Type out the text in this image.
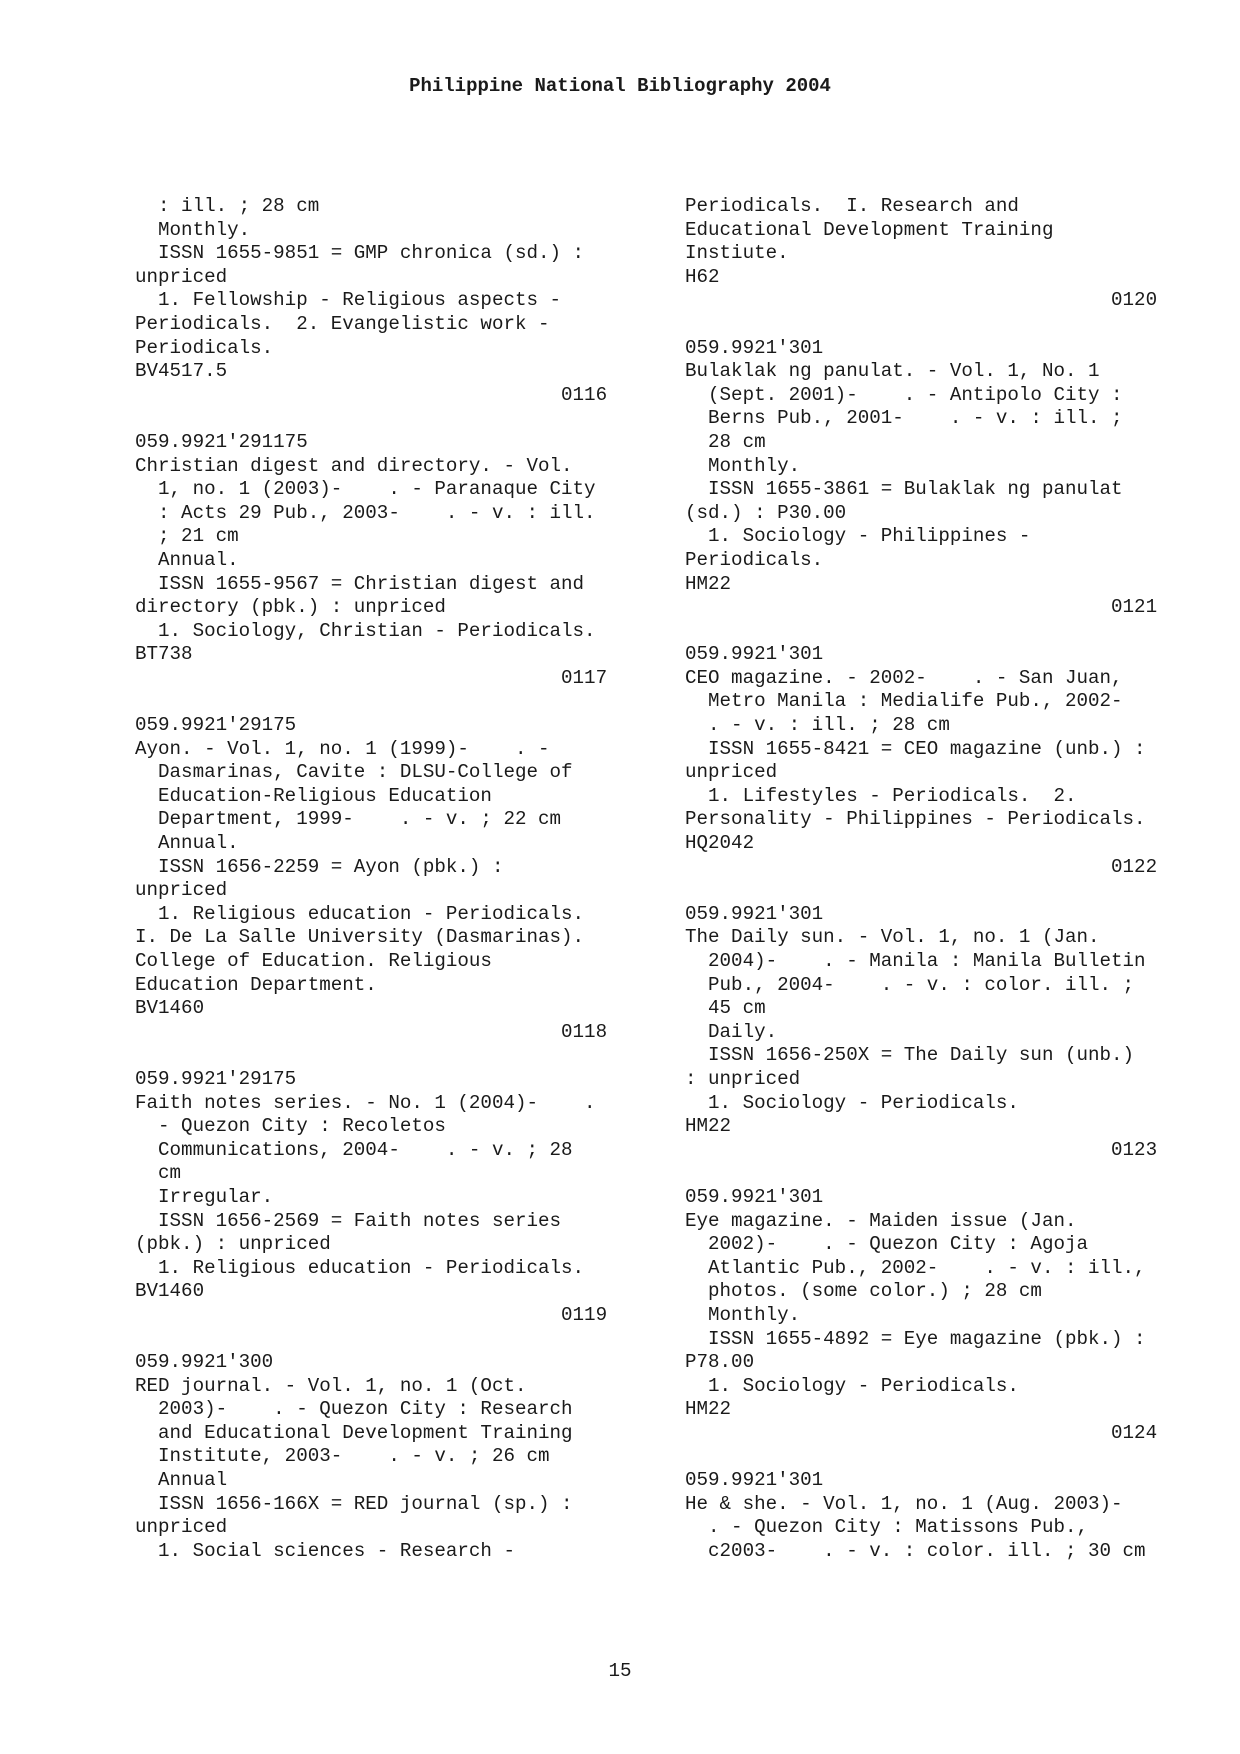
Philippine National Bibliography 2004
: ill. ; 28 cm
Monthly.
ISSN 1655-9851 = GMP chronica (sd.) :
unpriced
1. Fellowship - Religious aspects -
Periodicals.  2. Evangelistic work -
Periodicals.
BV4517.5
0116
059.9921'291175
Christian digest and directory. - Vol.
1, no. 1 (2003)-    . - Paranaque City
: Acts 29 Pub., 2003-    . - v. : ill.
; 21 cm
Annual.
ISSN 1655-9567 = Christian digest and
directory (pbk.) : unpriced
1. Sociology, Christian - Periodicals.
BT738
0117
059.9921'29175
Ayon. - Vol. 1, no. 1 (1999)-    . -
Dasmarinas, Cavite : DLSU-College of
Education-Religious Education
Department, 1999-    . - v. ; 22 cm
Annual.
ISSN 1656-2259 = Ayon (pbk.) :
unpriced
1. Religious education - Periodicals.
I. De La Salle University (Dasmarinas).
College of Education. Religious
Education Department.
BV1460
0118
059.9921'29175
Faith notes series. - No. 1 (2004)-    .
- Quezon City : Recoletos
Communications, 2004-    . - v. ; 28
cm
Irregular.
ISSN 1656-2569 = Faith notes series
(pbk.) : unpriced
1. Religious education - Periodicals.
BV1460
0119
059.9921'300
RED journal. - Vol. 1, no. 1 (Oct.
2003)-    . - Quezon City : Research
and Educational Development Training
Institute, 2003-    . - v. ; 26 cm
Annual
ISSN 1656-166X = RED journal (sp.) :
unpriced
1. Social sciences - Research -
Periodicals.  I. Research and
Educational Development Training
Instiute.
H62
0120
059.9921'301
Bulaklak ng panulat. - Vol. 1, No. 1
(Sept. 2001)-    . - Antipolo City :
Berns Pub., 2001-    . - v. : ill. ;
28 cm
Monthly.
ISSN 1655-3861 = Bulaklak ng panulat
(sd.) : P30.00
1. Sociology - Philippines -
Periodicals.
HM22
0121
059.9921'301
CEO magazine. - 2002-    . - San Juan,
Metro Manila : Medialife Pub., 2002-
. - v. : ill. ; 28 cm
ISSN 1655-8421 = CEO magazine (unb.) :
unpriced
1. Lifestyles - Periodicals.  2.
Personality - Philippines - Periodicals.
HQ2042
0122
059.9921'301
The Daily sun. - Vol. 1, no. 1 (Jan.
2004)-    . - Manila : Manila Bulletin
Pub., 2004-    . - v. : color. ill. ;
45 cm
Daily.
ISSN 1656-250X = The Daily sun (unb.)
: unpriced
1. Sociology - Periodicals.
HM22
0123
059.9921'301
Eye magazine. - Maiden issue (Jan.
2002)-    . - Quezon City : Agoja
Atlantic Pub., 2002-    . - v. : ill.,
photos. (some color.) ; 28 cm
Monthly.
ISSN 1655-4892 = Eye magazine (pbk.) :
P78.00
1. Sociology - Periodicals.
HM22
0124
059.9921'301
He & she. - Vol. 1, no. 1 (Aug. 2003)-
. - Quezon City : Matissons Pub.,
c2003-    . - v. : color. ill. ; 30 cm
15
